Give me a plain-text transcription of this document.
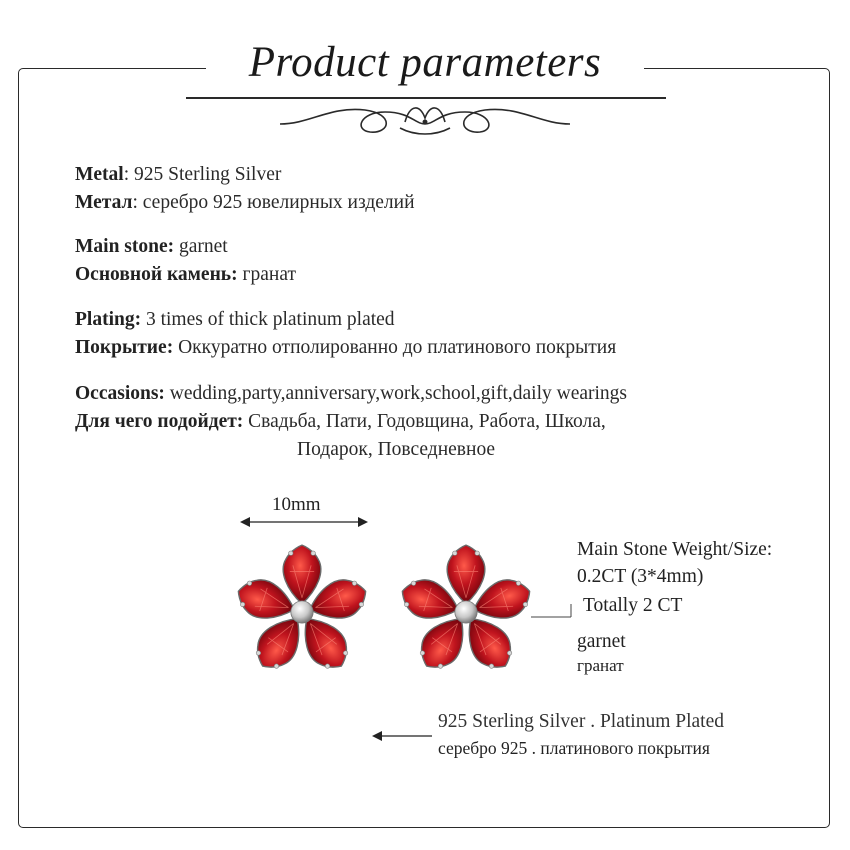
Product parameters
Metal: 925 Sterling Silver
Метал: серебро 925 ювелирных изделий
Main stone: garnet
Основной камень: гранат
Plating: 3 times of thick platinum plated
Покрытие: Оккуратно отполированно до платинового покрытия
Occasions: wedding,party,anniversary,work,school,gift,daily wearings
Для чего подойдет: Свадьба, Пати, Годовщина, Работа, Школа,
Подарок, Повседневное
10mm
Main Stone Weight/Size:
0.2CT (3*4mm)
Totally 2 CT
garnet
гранат
925 Sterling Silver . Platinum Plated
серебро 925 . платинового покрытия
